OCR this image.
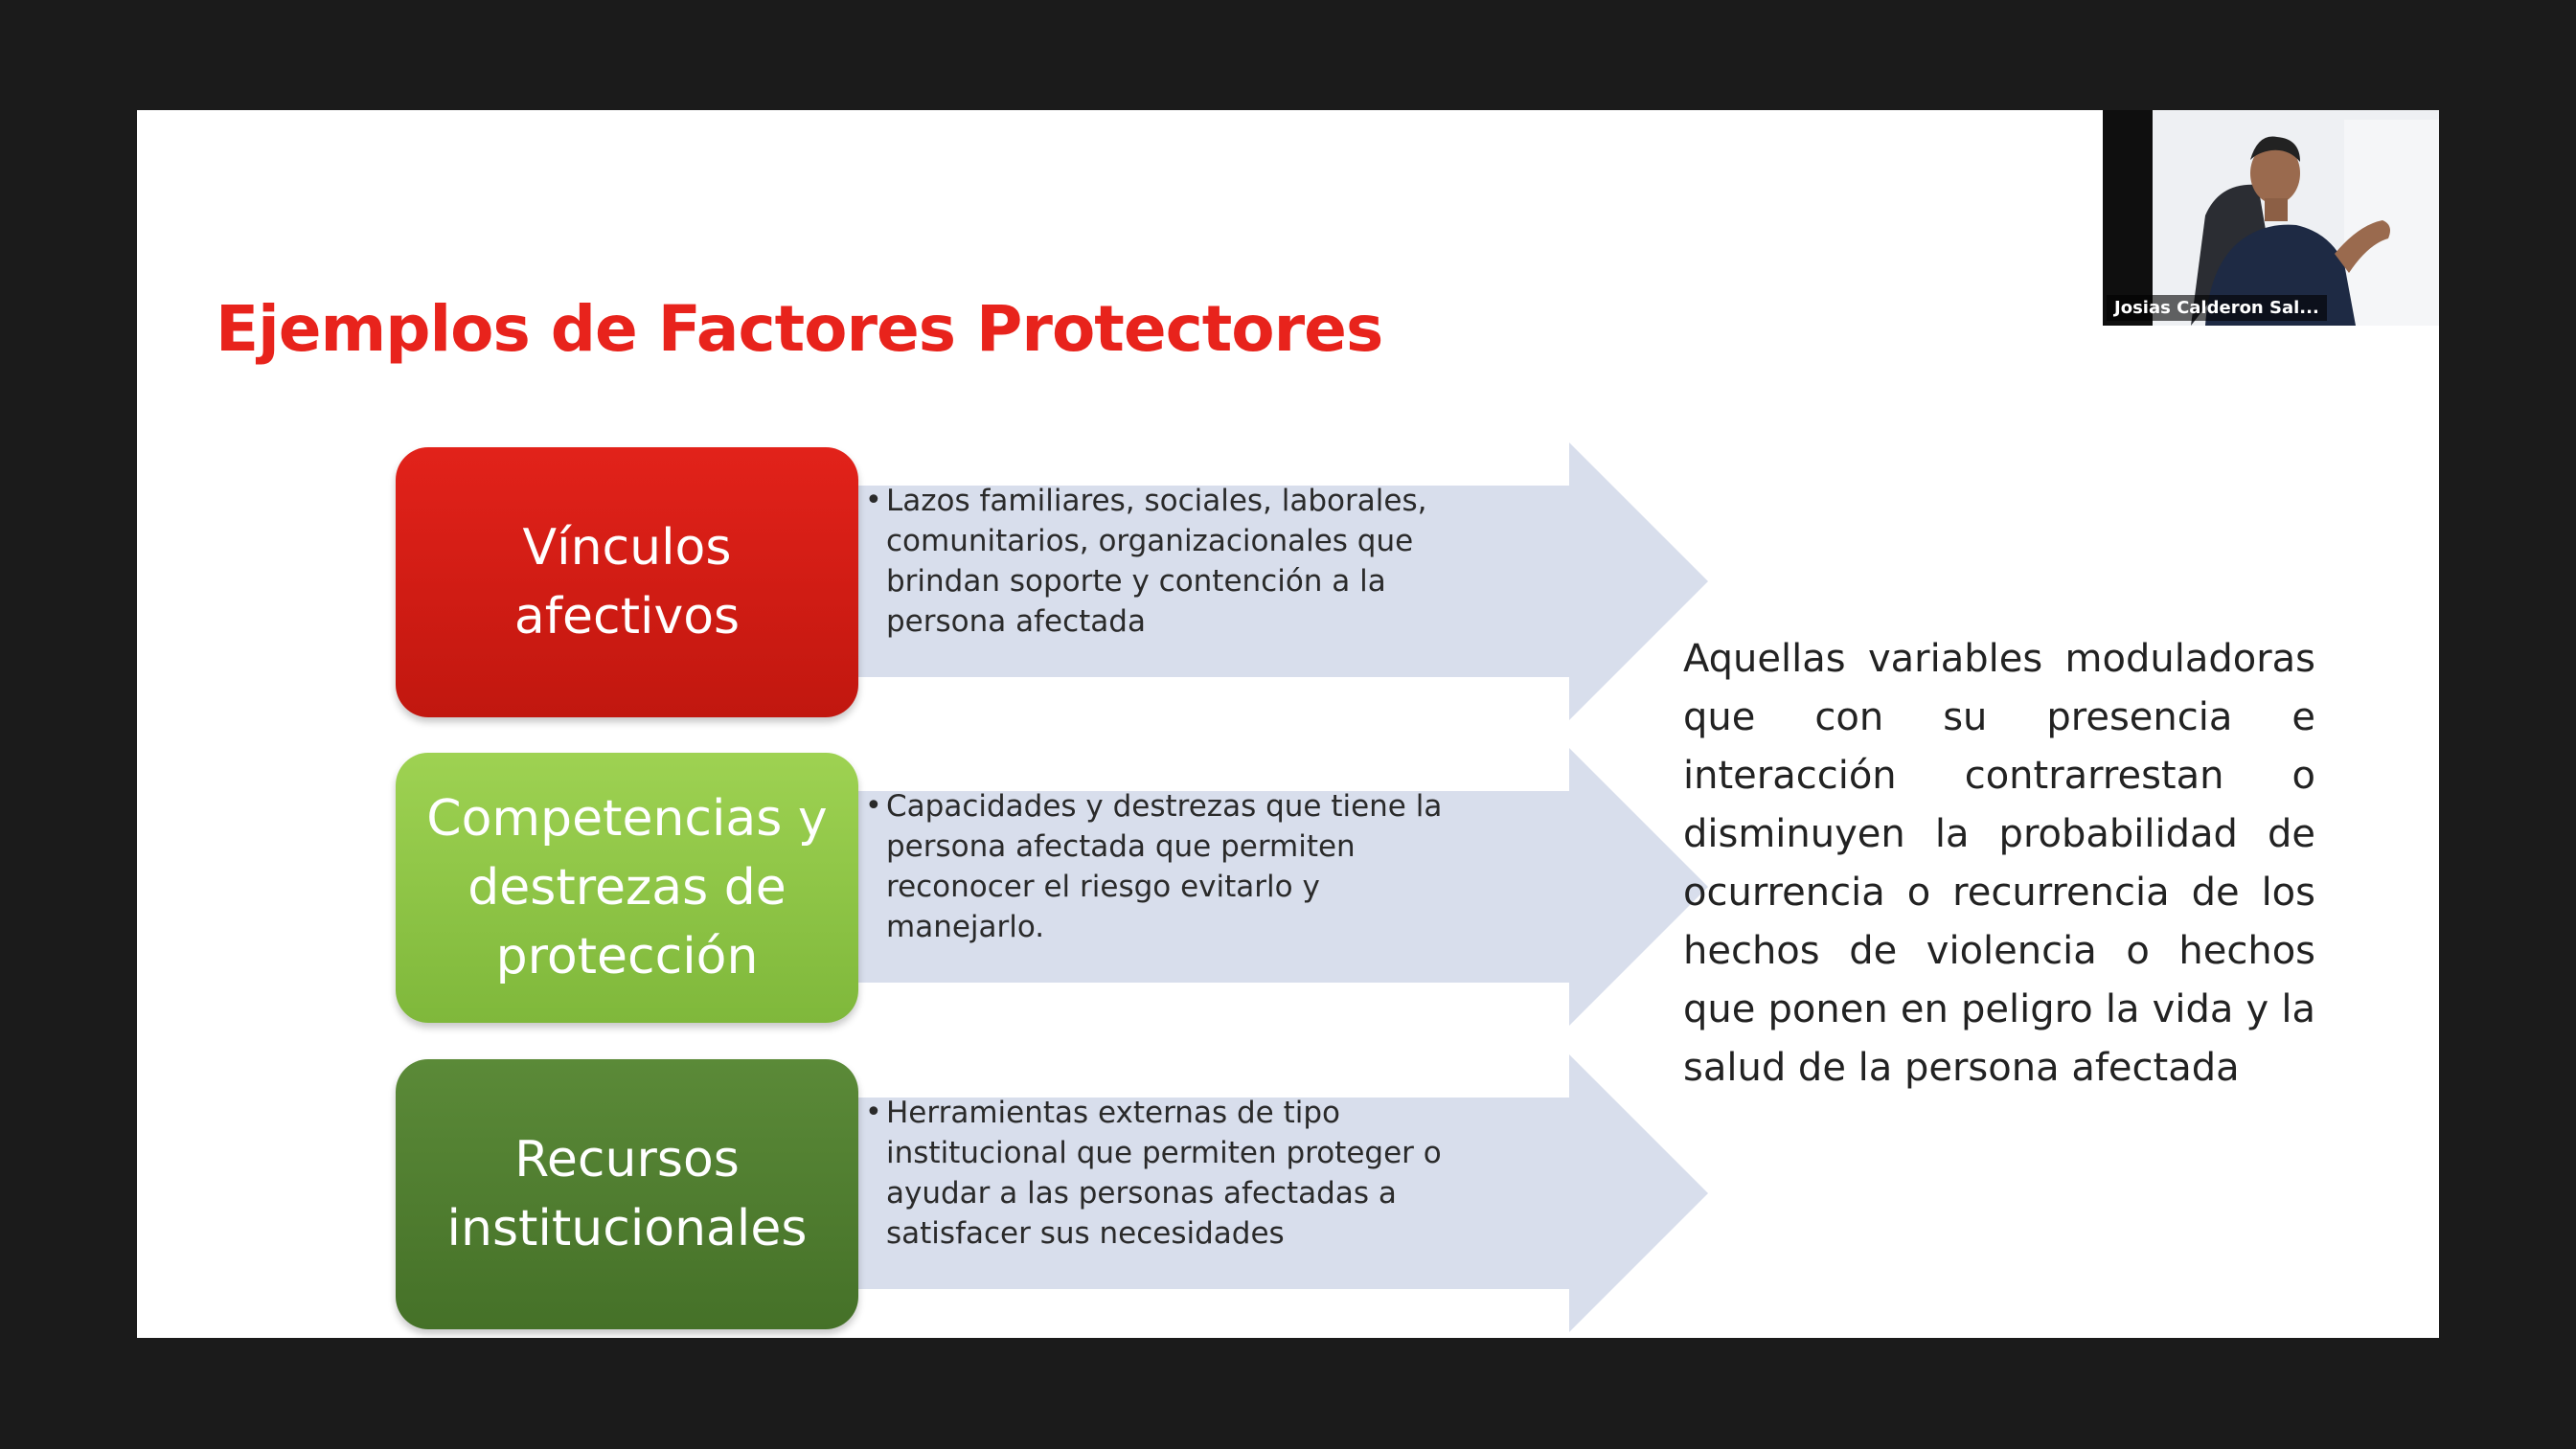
Ejemplos de Factores Protectores
Vínculos afectivos
• Lazos familiares, sociales, laborales, comunitarios, organizacionales que brindan soporte y contención a la persona afectada
Competencias y destrezas de protección
• Capacidades y destrezas que tiene la persona afectada que permiten reconocer el riesgo evitarlo y manejarlo.
Recursos institucionales
• Herramientas externas de tipo institucional que permiten proteger o ayudar a las personas afectadas a satisfacer sus necesidades
Aquellas variables moduladoras que con su presencia e interacción contrarrestan o disminuyen la probabilidad de ocurrencia o recurrencia de los hechos de violencia o hechos que ponen en peligro la vida y la salud de la persona afectada
Josias Calderon Sal...
